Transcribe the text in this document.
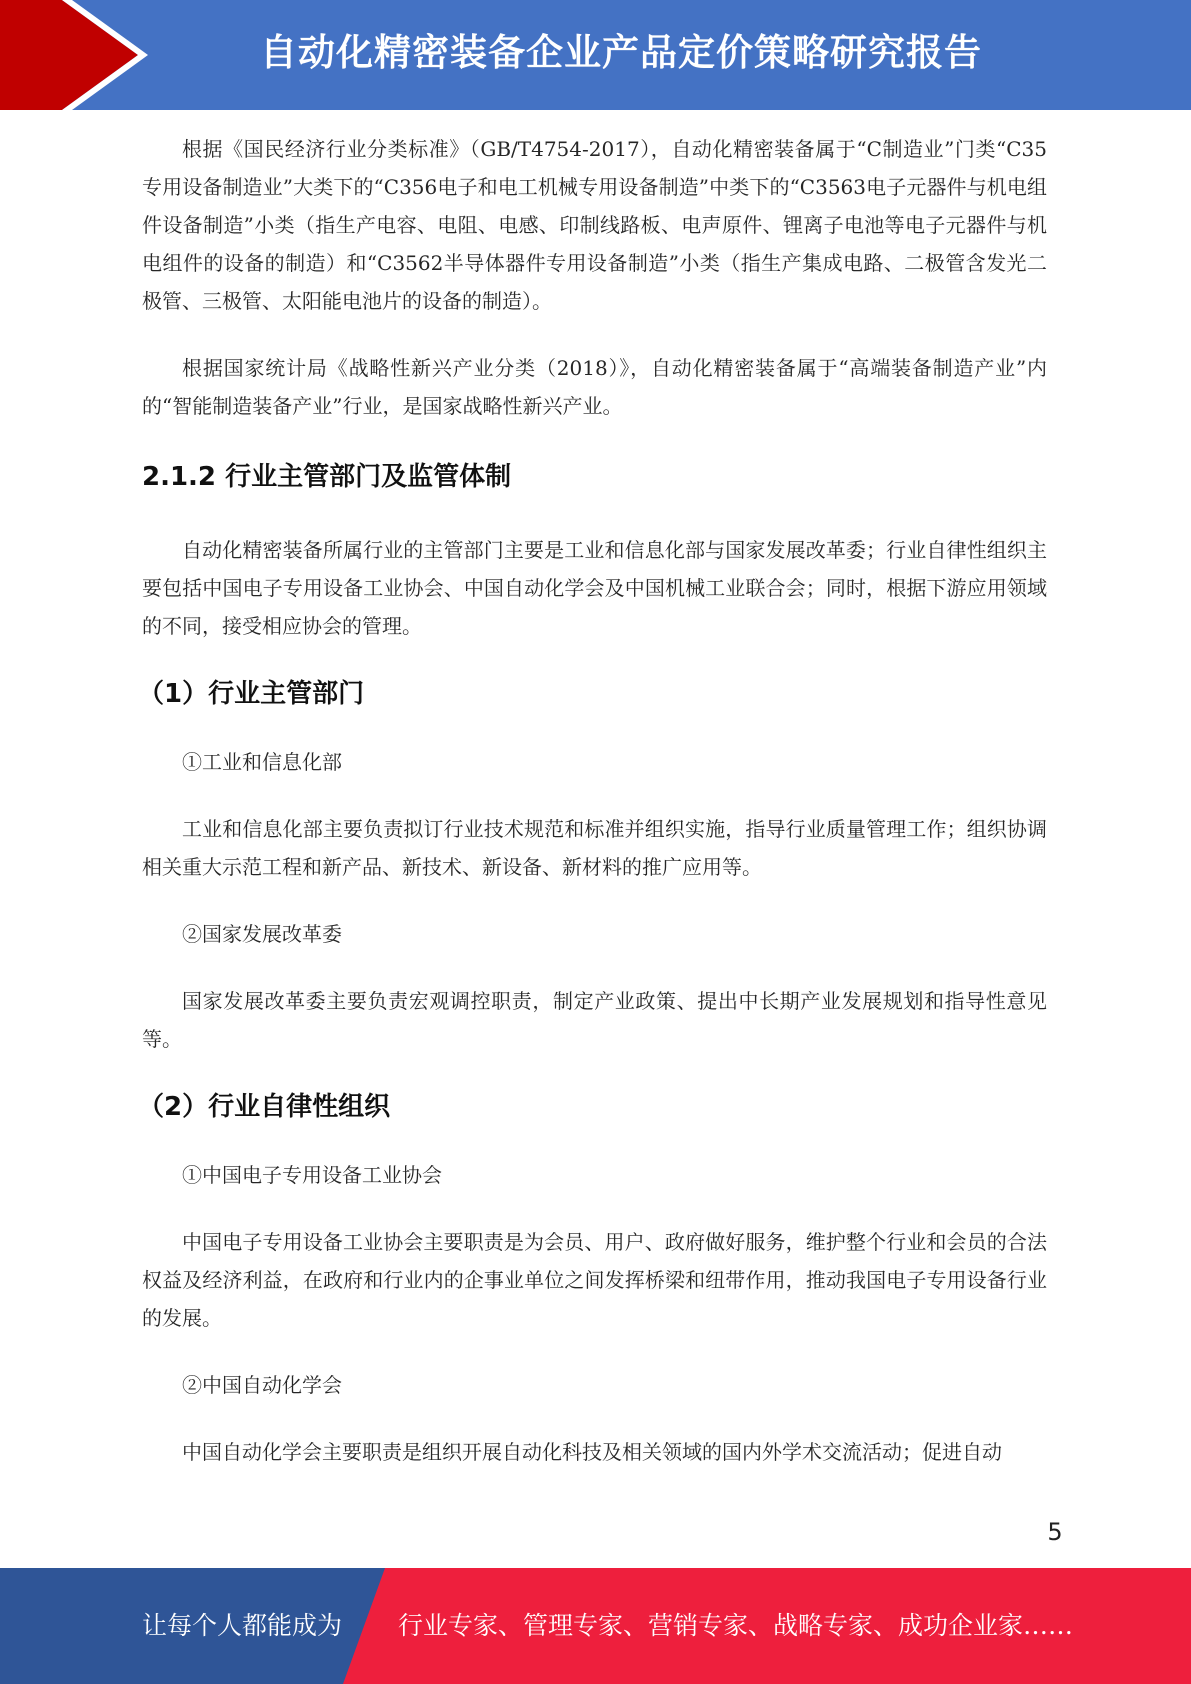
自动化精密装备企业产品定价策略研究报告

根据《国民经济行业分类标准》（GB/T4754-2017），自动化精密装备属于“C制造业”门类“C35专用设备制造业”大类下的“C356电子和电工机械专用设备制造”中类下的“C3563电子元器件与机电组件设备制造”小类（指生产电容、电阻、电感、印制线路板、电声原件、锂离子电池等电子元器件与机电组件的设备的制造）和“C3562半导体器件专用设备制造”小类（指生产集成电路、二极管含发光二极管、三极管、太阳能电池片的设备的制造）。

根据国家统计局《战略性新兴产业分类（2018）》，自动化精密装备属于“高端装备制造产业”内的“智能制造装备产业”行业，是国家战略性新兴产业。

2.1.2 行业主管部门及监管体制

自动化精密装备所属行业的主管部门主要是工业和信息化部与国家发展改革委；行业自律性组织主要包括中国电子专用设备工业协会、中国自动化学会及中国机械工业联合会；同时，根据下游应用领域的不同，接受相应协会的管理。

（1）行业主管部门

①工业和信息化部

工业和信息化部主要负责拟订行业技术规范和标准并组织实施，指导行业质量管理工作；组织协调相关重大示范工程和新产品、新技术、新设备、新材料的推广应用等。

②国家发展改革委

国家发展改革委主要负责宏观调控职责，制定产业政策、提出中长期产业发展规划和指导性意见等。

（2）行业自律性组织

①中国电子专用设备工业协会

中国电子专用设备工业协会主要职责是为会员、用户、政府做好服务，维护整个行业和会员的合法权益及经济利益，在政府和行业内的企事业单位之间发挥桥梁和纽带作用，推动我国电子专用设备行业的发展。

②中国自动化学会

中国自动化学会主要职责是组织开展自动化科技及相关领域的国内外学术交流活动；促进自动

5
让每个人都能成为 行业专家、管理专家、营销专家、战略专家、成功企业家……
